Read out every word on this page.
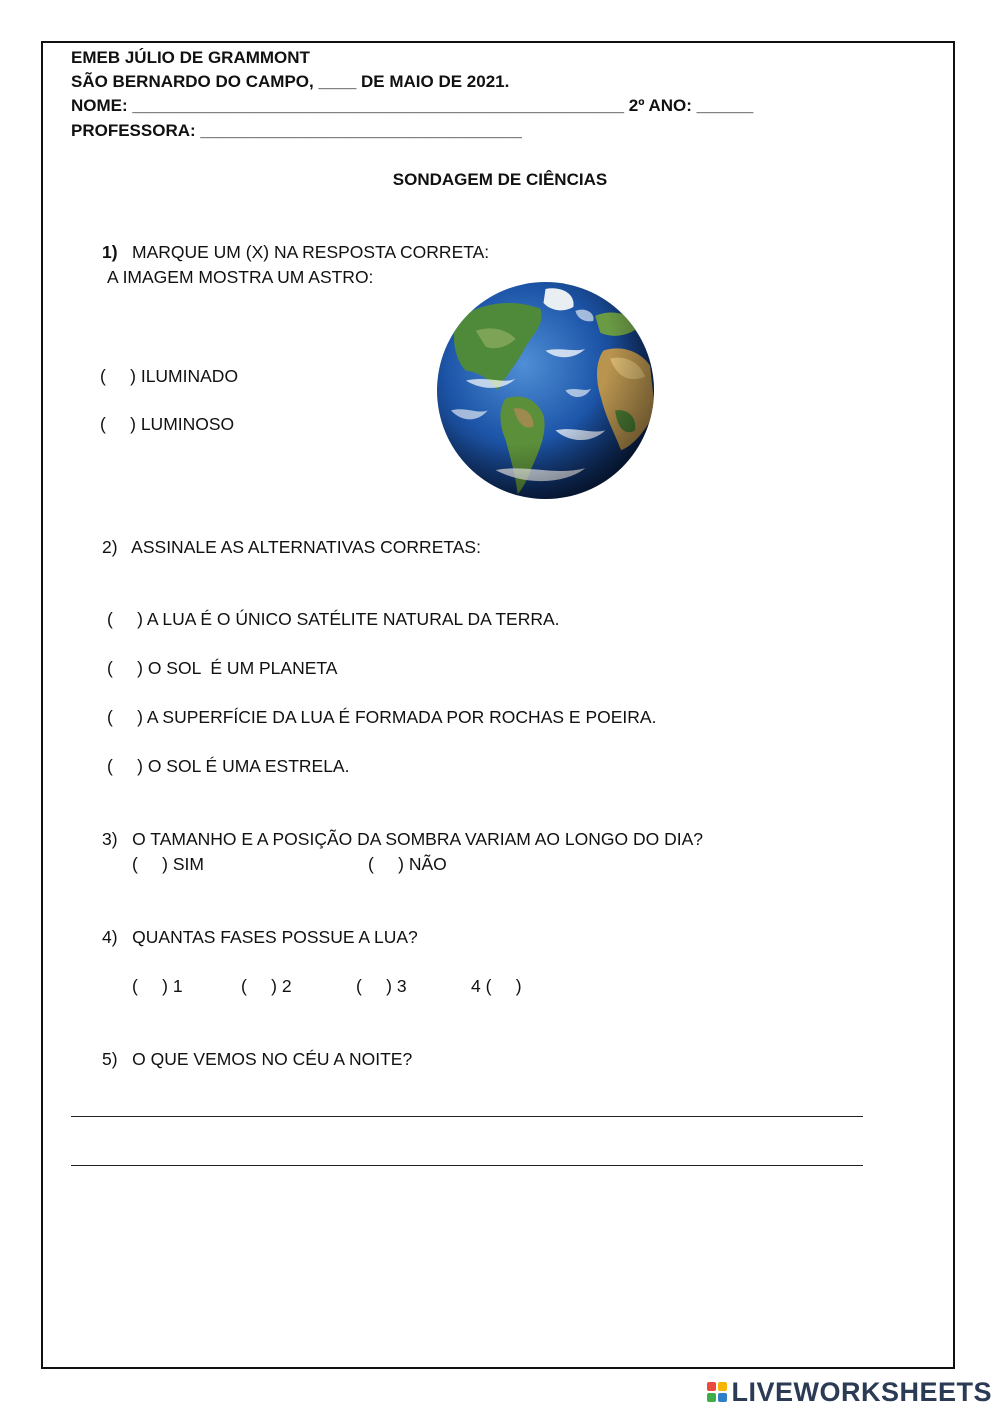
EMEB JÚLIO DE GRAMMONT
SÃO BERNARDO DO CAMPO, ____ DE MAIO DE 2021.
NOME: ____________________________________________________ 2º ANO: ______
PROFESSORA: __________________________________
SONDAGEM DE CIÊNCIAS
1) MARQUE UM (X) NA RESPOSTA CORRETA:
A IMAGEM MOSTRA UM ASTRO:
(     ) ILUMINADO
(     ) LUMINOSO
2)   ASSINALE AS ALTERNATIVAS CORRETAS:
(     ) A LUA É O ÚNICO SATÉLITE NATURAL DA TERRA.
(     ) O SOL  É UM PLANETA
(     ) A SUPERFÍCIE DA LUA É FORMADA POR ROCHAS E POEIRA.
(     ) O SOL É UMA ESTRELA.
3)   O TAMANHO E A POSIÇÃO DA SOMBRA VARIAM AO LONGO DO DIA?
(     ) SIM	(     ) NÃO
4)   QUANTAS FASES POSSUE A LUA?
(     ) 1	(     ) 2	(     ) 3	4 (     )
5)   O QUE VEMOS NO CÉU A NOITE?
LIVEWORKSHEETS
